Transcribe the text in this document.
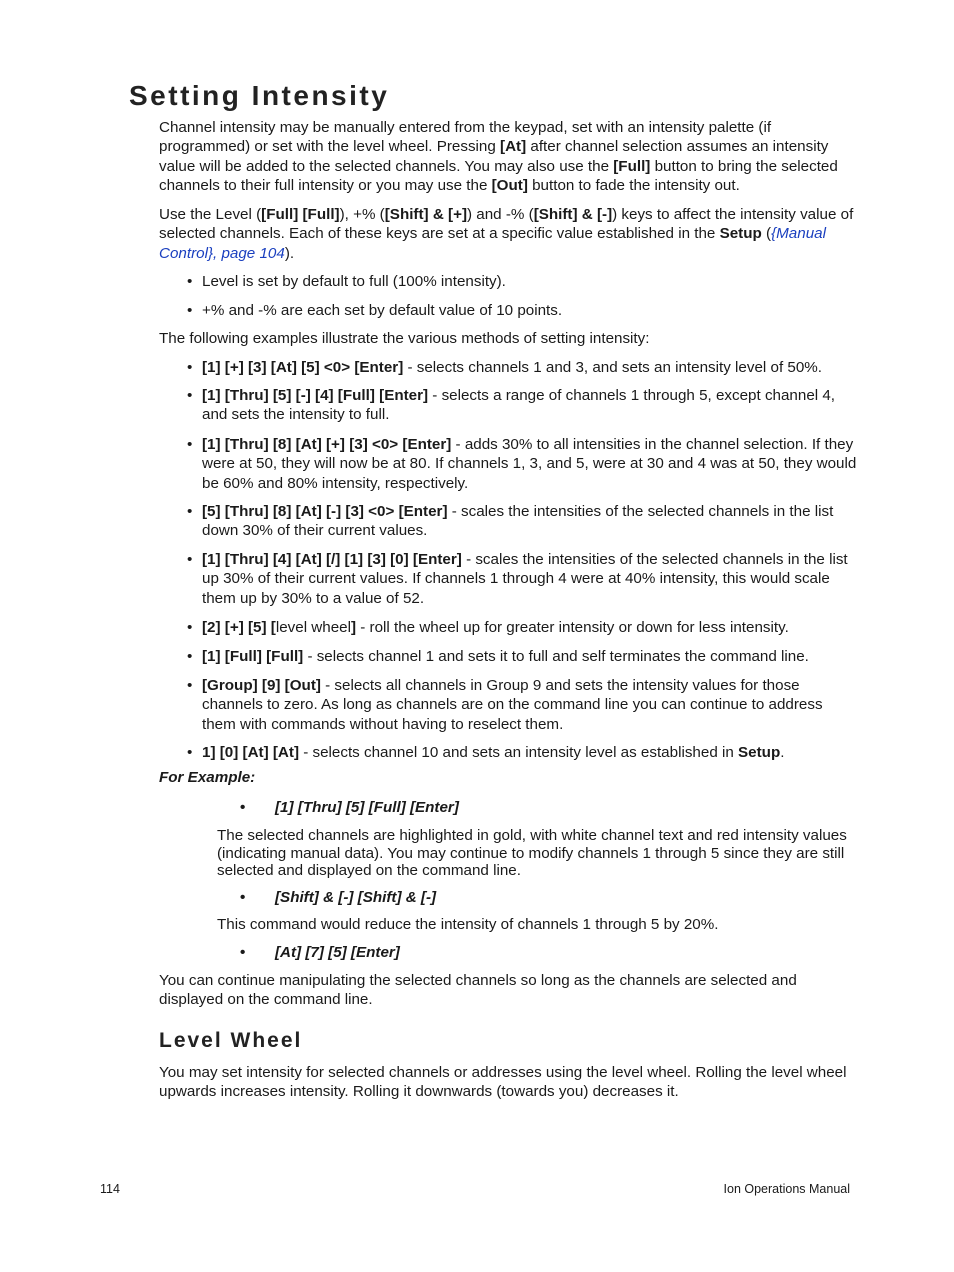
Setting Intensity

Channel intensity may be manually entered from the keypad, set with an intensity palette (if programmed) or set with the level wheel. Pressing [At] after channel selection assumes an intensity value will be added to the selected channels. You may also use the [Full] button to bring the selected channels to their full intensity or you may use the [Out] button to fade the intensity out.

Use the Level ([Full] [Full]), +% ([Shift] & [+]) and -% ([Shift] & [-]) keys to affect the intensity value of selected channels. Each of these keys are set at a specific value established in the Setup ({Manual Control}, page 104).

• Level is set by default to full (100% intensity).
• +% and -% are each set by default value of 10 points.

The following examples illustrate the various methods of setting intensity:

• [1] [+] [3] [At] [5] <0> [Enter] - selects channels 1 and 3, and sets an intensity level of 50%.
• [1] [Thru] [5] [-] [4] [Full] [Enter] - selects a range of channels 1 through 5, except channel 4, and sets the intensity to full.
• [1] [Thru] [8] [At] [+] [3] <0> [Enter] - adds 30% to all intensities in the channel selection. If they were at 50, they will now be at 80. If channels 1, 3, and 5, were at 30 and 4 was at 50, they would be 60% and 80% intensity, respectively.
• [5] [Thru] [8] [At] [-] [3] <0> [Enter] - scales the intensities of the selected channels in the list down 30% of their current values.
• [1] [Thru] [4] [At] [/] [1] [3] [0] [Enter] - scales the intensities of the selected channels in the list up 30% of their current values. If channels 1 through 4 were at 40% intensity, this would scale them up by 30% to a value of 52.
• [2] [+] [5] [level wheel] - roll the wheel up for greater intensity or down for less intensity.
• [1] [Full] [Full] - selects channel 1 and sets it to full and self terminates the command line.
• [Group] [9] [Out] - selects all channels in Group 9 and sets the intensity values for those channels to zero. As long as channels are on the command line you can continue to address them with commands without having to reselect them.
• 1] [0] [At] [At] - selects channel 10 and sets an intensity level as established in Setup.
For Example:
• [1] [Thru] [5] [Full] [Enter]
The selected channels are highlighted in gold, with white channel text and red intensity values (indicating manual data). You may continue to modify channels 1 through 5 since they are still selected and displayed on the command line.
• [Shift] & [-] [Shift] & [-]
This command would reduce the intensity of channels 1 through 5 by 20%.
• [At] [7] [5] [Enter]

You can continue manipulating the selected channels so long as the channels are selected and displayed on the command line.

Level Wheel

You may set intensity for selected channels or addresses using the level wheel. Rolling the level wheel upwards increases intensity. Rolling it downwards (towards you) decreases it.

114	Ion Operations Manual
